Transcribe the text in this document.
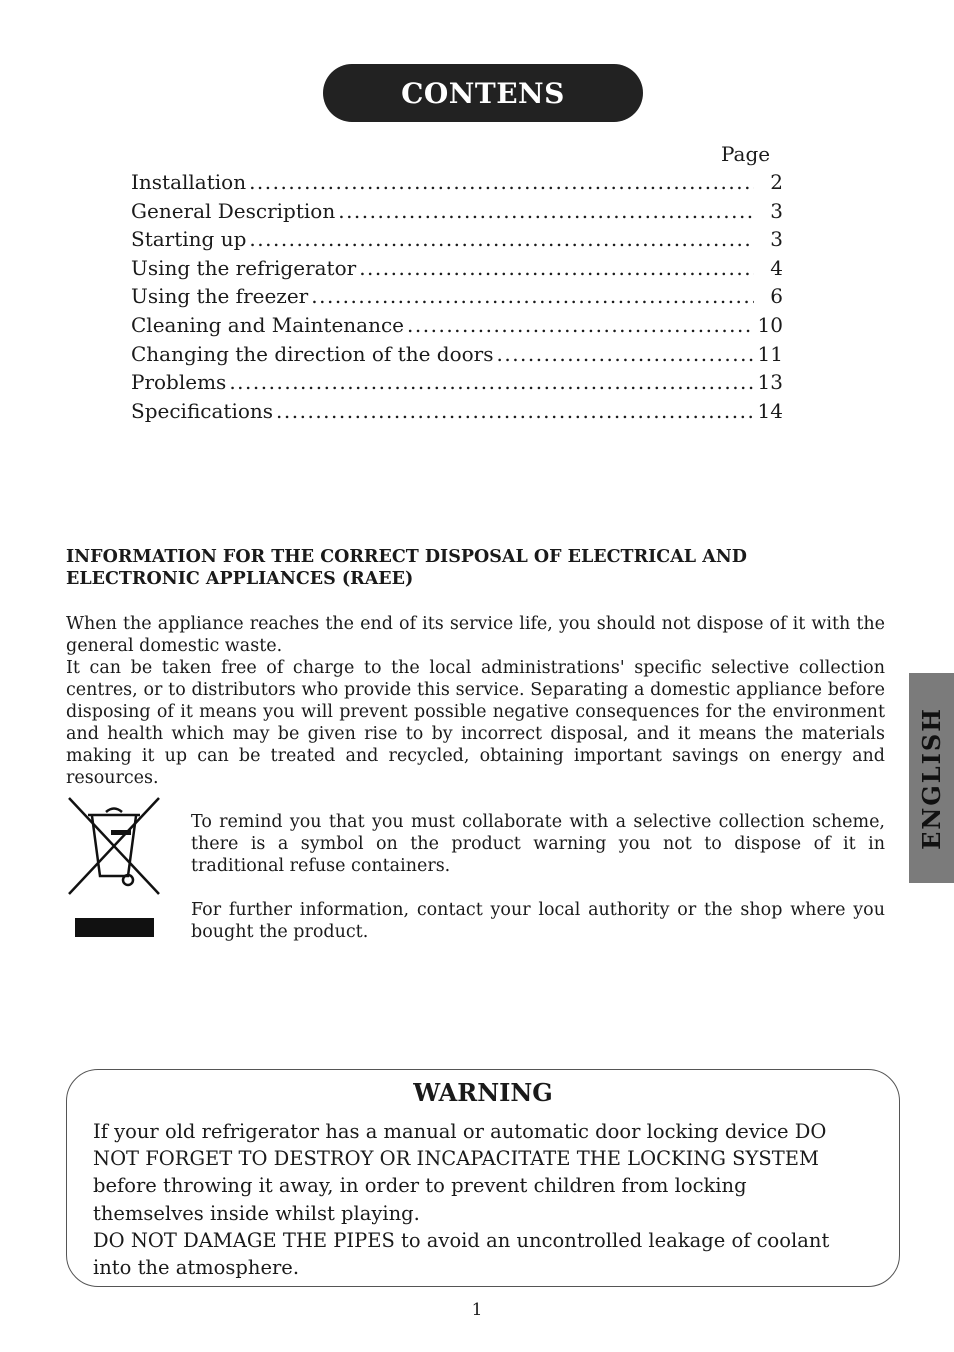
CONTENS
Page
Installation .....	2
General Description .....	3
Starting up .....	3
Using the refrigerator .....	4
Using the freezer .....	6
Cleaning and Maintenance .....	10
Changing the direction of the doors .....	11
Problems .....	13
Specifications .....	14
INFORMATION FOR THE CORRECT DISPOSAL OF ELECTRICAL AND
ELECTRONIC APPLIANCES (RAEE)

When the appliance reaches the end of its service life, you should not dispose of it with the general domestic waste.

It can be taken free of charge to the local administrations' specific selective collection centres, or to distributors who provide this service. Separating a domestic appliance before disposing of it means you will prevent possible negative consequences for the environment and health which may be given rise to by incorrect disposal, and it means the materials making it up can be treated and recycled, obtaining important savings on energy and resources.

To remind you that you must collaborate with a selective collection scheme, there is a symbol on the product warning you not to dispose of it in traditional refuse containers.

For further information, contact your local authority or the shop where you bought the product.

ENGLISH
WARNING

If your old refrigerator has a manual or automatic door locking device DO

NOT FORGET TO DESTROY OR INCAPACITATE THE LOCKING SYSTEM

before throwing it away, in order to prevent children from locking

themselves inside whilst playing.

DO NOT DAMAGE THE PIPES to avoid an uncontrolled leakage of coolant

into the atmosphere.

1
